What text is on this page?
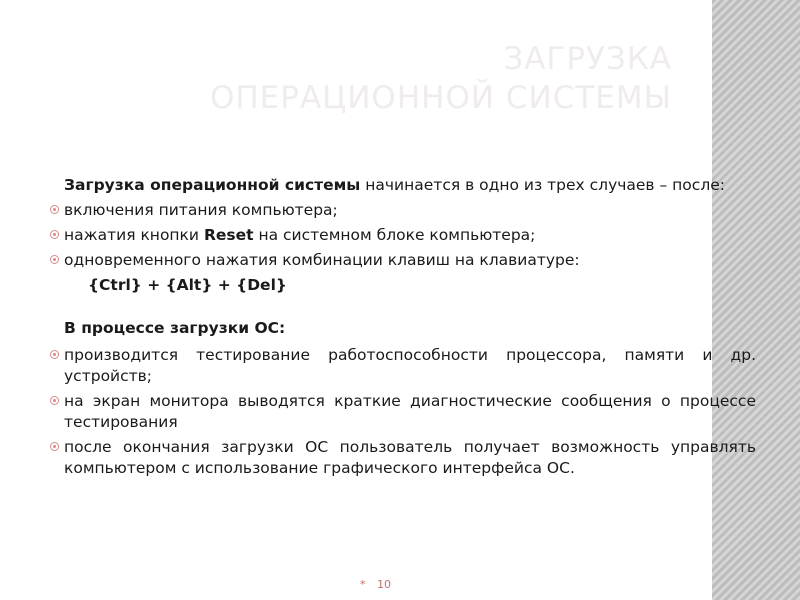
ЗАГРУЗКА
ОПЕРАЦИОННОЙ СИСТЕМЫ

Загрузка операционной системы начинается в одно из трех случаев – после:

включения питания компьютера;
нажатия кнопки Reset на системном блоке компьютера;
одновременного нажатия комбинации клавиш на клавиатуре:
{Ctrl} + {Alt} + {Del}
В процессе загрузки ОС:
производится тестирование работоспособности процессора, памяти и др. устройств;
на экран монитора выводятся краткие диагностические сообщения о процессе тестирования
после окончания загрузки ОС пользователь получает возможность управлять компьютером с использование графического интерфейса ОС.
* 10
